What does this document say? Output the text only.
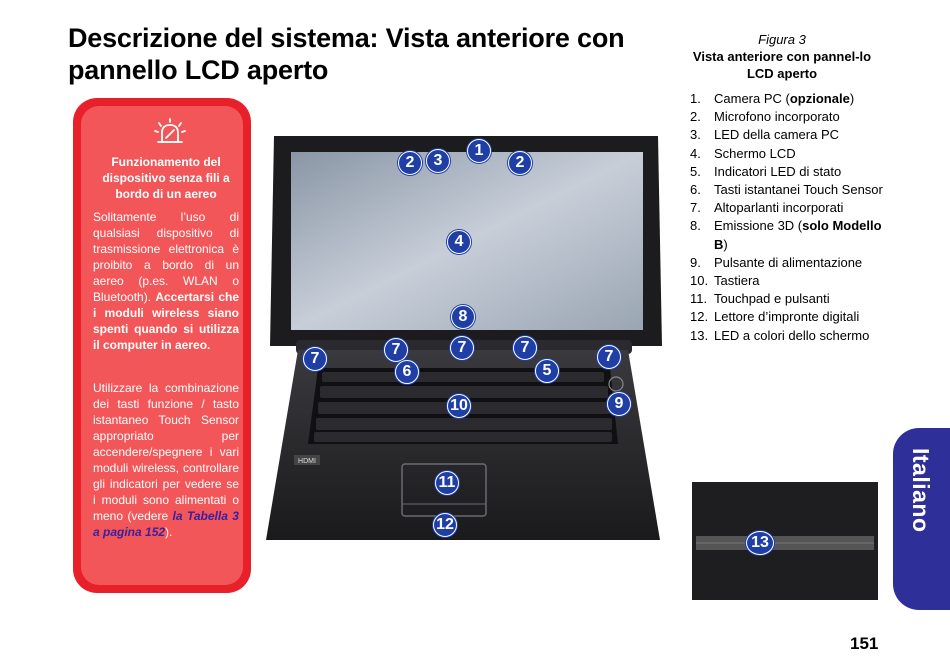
Descrizione del sistema: Vista anteriore con
pannello LCD aperto
Funzionamento del dispositivo senza fili a bordo di un aereo
Solitamente l’uso di qualsiasi dispositivo di trasmissione elettronica è proibito a bordo di un aereo (p.es. WLAN o Bluetooth). Accertarsi che i moduli wireless siano spenti quando si utilizza il computer in aereo.
Utilizzare la combinazione dei tasti funzione / tasto istantaneo Touch Sensor appropriato per accendere/spegnere i vari moduli wireless, controllare gli indicatori per vedere se i moduli sono alimentati o meno (vedere la Tabella 3 a pagina 152).
Figura 3
Vista anteriore con pannel-lo LCD aperto
1.	Camera PC (opzionale)
2.	Microfono incorporato
3.	LED della camera PC
4.	Schermo LCD
5.	Indicatori LED di stato
6.	Tasti istantanei Touch Sensor
7.	Altoparlanti incorporati
8.	Emissione 3D (solo Modello B)
9.	Pulsante di alimentazione
10. Tastiera
11. Touchpad e pulsanti
12. Lettore d’impronte digitali
13. LED a colori dello schermo
HDMI
1
2	2
3
4
8
7
7	7	7
7
6	5
9
10
11
12
13
Italiano
151
